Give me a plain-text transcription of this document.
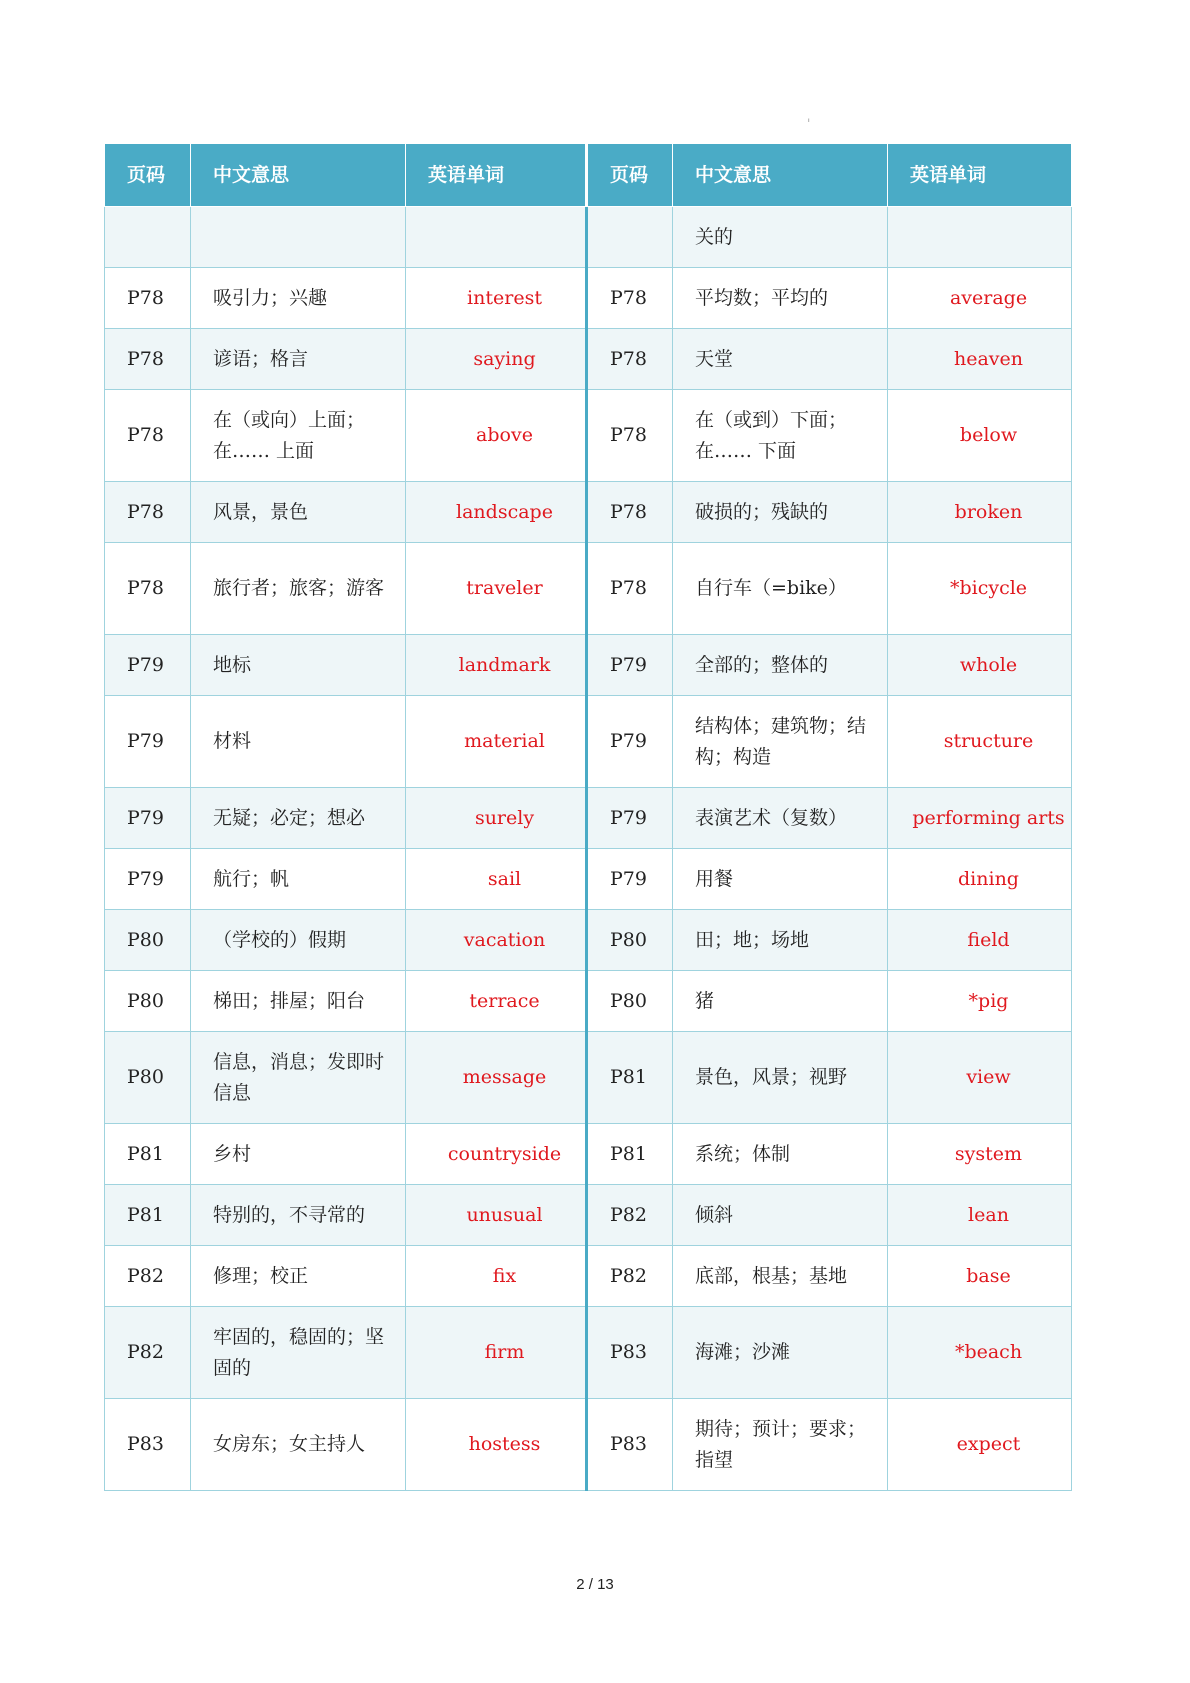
ı
页码	中文意思	英语单词	页码	中文意思	英语单词
				关的	
P78	吸引力；兴趣	interest	P78	平均数；平均的	average
P78	谚语；格言	saying	P78	天堂	heaven
P78	在（或向）上面；在…… 上面	above	P78	在（或到）下面；在…… 下面	below
P78	风景，景色	landscape	P78	破损的；残缺的	broken
P78	旅行者；旅客；游客	traveler	P78	自行车（=bike）	*bicycle
P79	地标	landmark	P79	全部的；整体的	whole
P79	材料	material	P79	结构体；建筑物；结构；构造	structure
P79	无疑；必定；想必	surely	P79	表演艺术（复数）	performing arts
P79	航行；帆	sail	P79	用餐	dining
P80	（学校的）假期	vacation	P80	田；地；场地	field
P80	梯田；排屋；阳台	terrace	P80	猪	*pig
P80	信息，消息；发即时信息	message	P81	景色，风景；视野	view
P81	乡村	countryside	P81	系统；体制	system
P81	特别的，不寻常的	unusual	P82	倾斜	lean
P82	修理；校正	fix	P82	底部，根基；基地	base
P82	牢固的，稳固的；坚固的	firm	P83	海滩；沙滩	*beach
P83	女房东；女主持人	hostess	P83	期待；预计；要求；指望	expect
2 / 13
